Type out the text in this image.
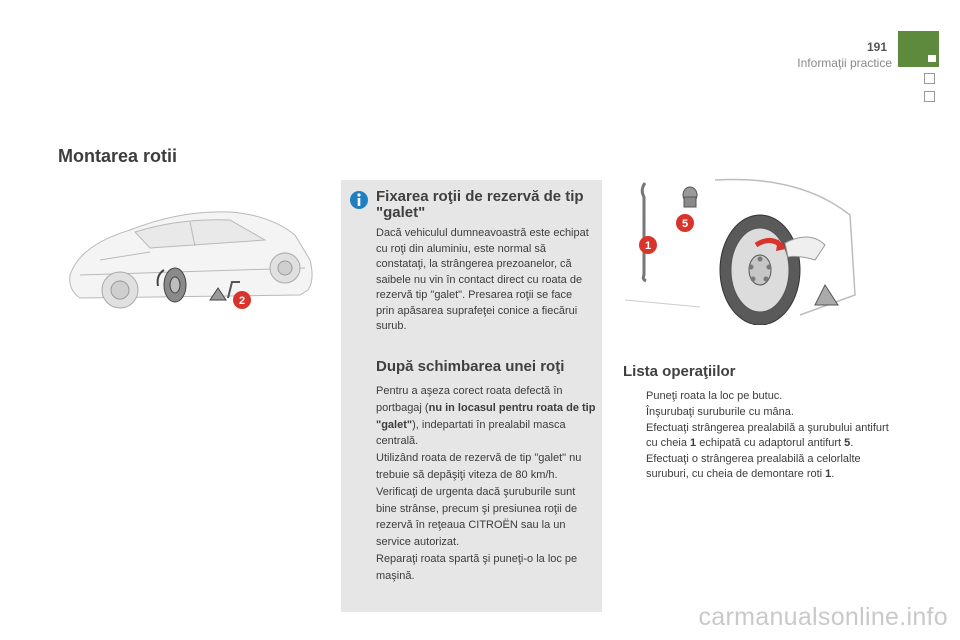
191
Informaţii practice
Montarea rotii
2
Fixarea roţii de rezervă de tip "galet"
Dacă vehiculul dumneavoastră este echipat cu roţi din aluminiu, este normal să constataţi, la strângerea prezoanelor, că saibele nu vin în contact direct cu roata de rezervă tip "galet". Presarea roţii se face prin apăsarea suprafeţei conice a fiecărui surub.
După schimbarea unei roţi

Pentru a aşeza corect roata defectă în portbagaj (nu in locasul pentru roata de tip "galet"), indepartati în prealabil masca centrală.

Utilizând roata de rezervă de tip "galet" nu trebuie să depăşiţi viteza de 80 km/h.

Verificaţi de urgenta dacă şuruburile sunt bine strânse, precum şi presiunea roţii de rezervă în reţeaua CITROËN sau la un service autorizat.

Reparaţi roata spartă şi puneţi-o la loc pe maşină.

1
5
Lista operaţiilor
Puneţi roata la loc pe butuc.
Înşurubaţi suruburile cu mâna.
Efectuaţi strângerea prealabilă a şurubului antifurt cu cheia 1 echipată cu adaptorul antifurt 5.
Efectuaţi o strângerea prealabilă a celorlalte suruburi, cu cheia de demontare roti 1.
carmanualsonline.info
